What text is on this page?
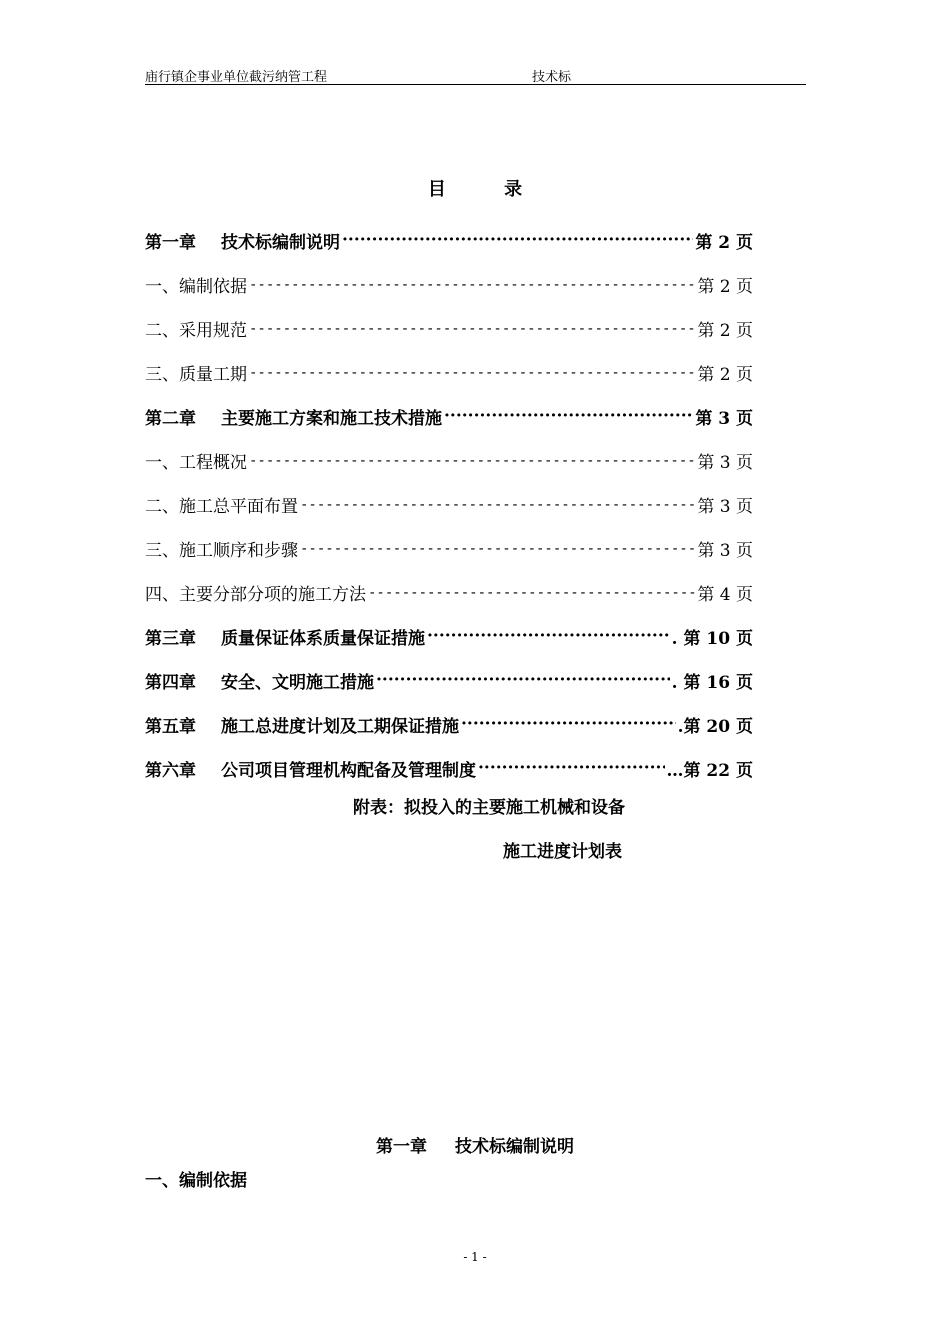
庙行镇企事业单位截污纳管工程	技术标
目 录
第一章 技术标编制说明 ·····	第 2 页
一、编制依据 -----	第 2 页
二、采用规范 -----	第 2 页
三、质量工期 -----	第 2 页
第二章 主要施工方案和施工技术措施 ·····	第 3 页
一、工程概况 -----	第 3 页
二、施工总平面布置 -----	第 3 页
三、施工顺序和步骤 -----	第 3 页
四、主要分部分项的施工方法 -----	第 4 页
第三章 质量保证体系质量保证措施 ·····	. 第 10 页
第四章 安全、文明施工措施 ·····	. 第 16 页
第五章 施工总进度计划及工期保证措施 ·····	.第 20 页
第六章 公司项目管理机构配备及管理制度 ·····	…第 22 页
附表：拟投入的主要施工机械和设备
施工进度计划表
第一章 技术标编制说明
一、编制依据
- 1 -
